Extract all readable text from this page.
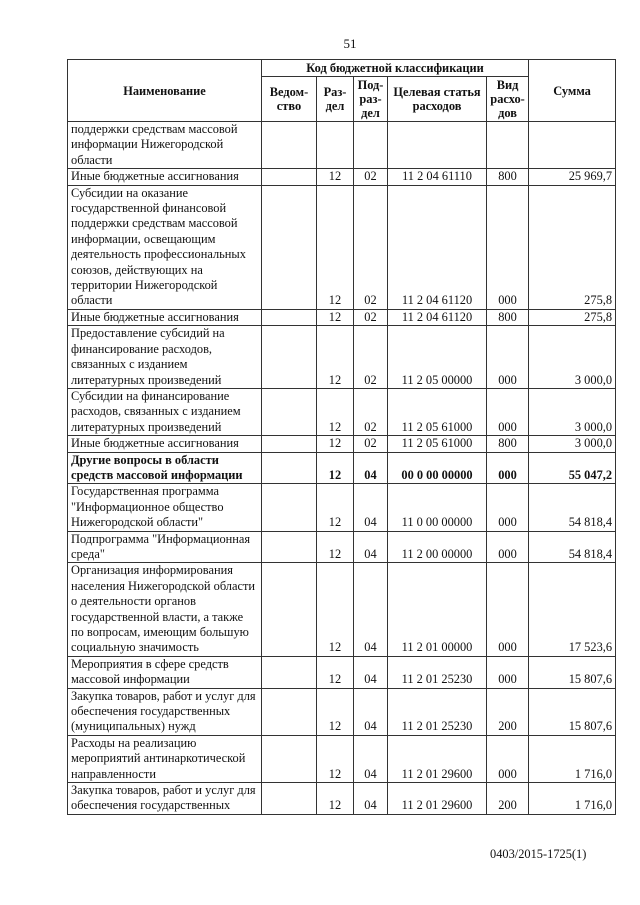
51
Наименование	Код бюджетной классификации					Сумма
	Ведом-ство	Раз-дел	Под-раз-дел	Целевая статья расходов	Вид расхо-дов	
поддержки средствам массовой информации Нижегородской области						
Иные бюджетные ассигнования		12	02	11 2 04 61110	800	25 969,7
Субсидии на оказание государственной финансовой поддержки средствам массовой информации, освещающим деятельность профессиональных союзов, действующих на территории Нижегородской области		12	02	11 2 04 61120	000	275,8
Иные бюджетные ассигнования		12	02	11 2 04 61120	800	275,8
Предоставление субсидий на финансирование расходов, связанных с изданием литературных произведений		12	02	11 2 05 00000	000	3 000,0
Субсидии на финансирование расходов, связанных с изданием литературных произведений		12	02	11 2 05 61000	000	3 000,0
Иные бюджетные ассигнования		12	02	11 2 05 61000	800	3 000,0
Другие вопросы в области средств массовой информации		12	04	00 0 00 00000	000	55 047,2
Государственная программа "Информационное общество Нижегородской области"		12	04	11 0 00 00000	000	54 818,4
Подпрограмма "Информационная среда"		12	04	11 2 00 00000	000	54 818,4
Организация информирования населения Нижегородской области о деятельности органов государственной власти, а также по вопросам, имеющим большую социальную значимость		12	04	11 2 01 00000	000	17 523,6
Мероприятия в сфере средств массовой информации		12	04	11 2 01 25230	000	15 807,6
Закупка товаров, работ и услуг для обеспечения государственных (муниципальных) нужд		12	04	11 2 01 25230	200	15 807,6
Расходы на реализацию мероприятий антинаркотической направленности		12	04	11 2 01 29600	000	1 716,0
Закупка товаров, работ и услуг для обеспечения государственных		12	04	11 2 01 29600	200	1 716,0
0403/2015-1725(1)
